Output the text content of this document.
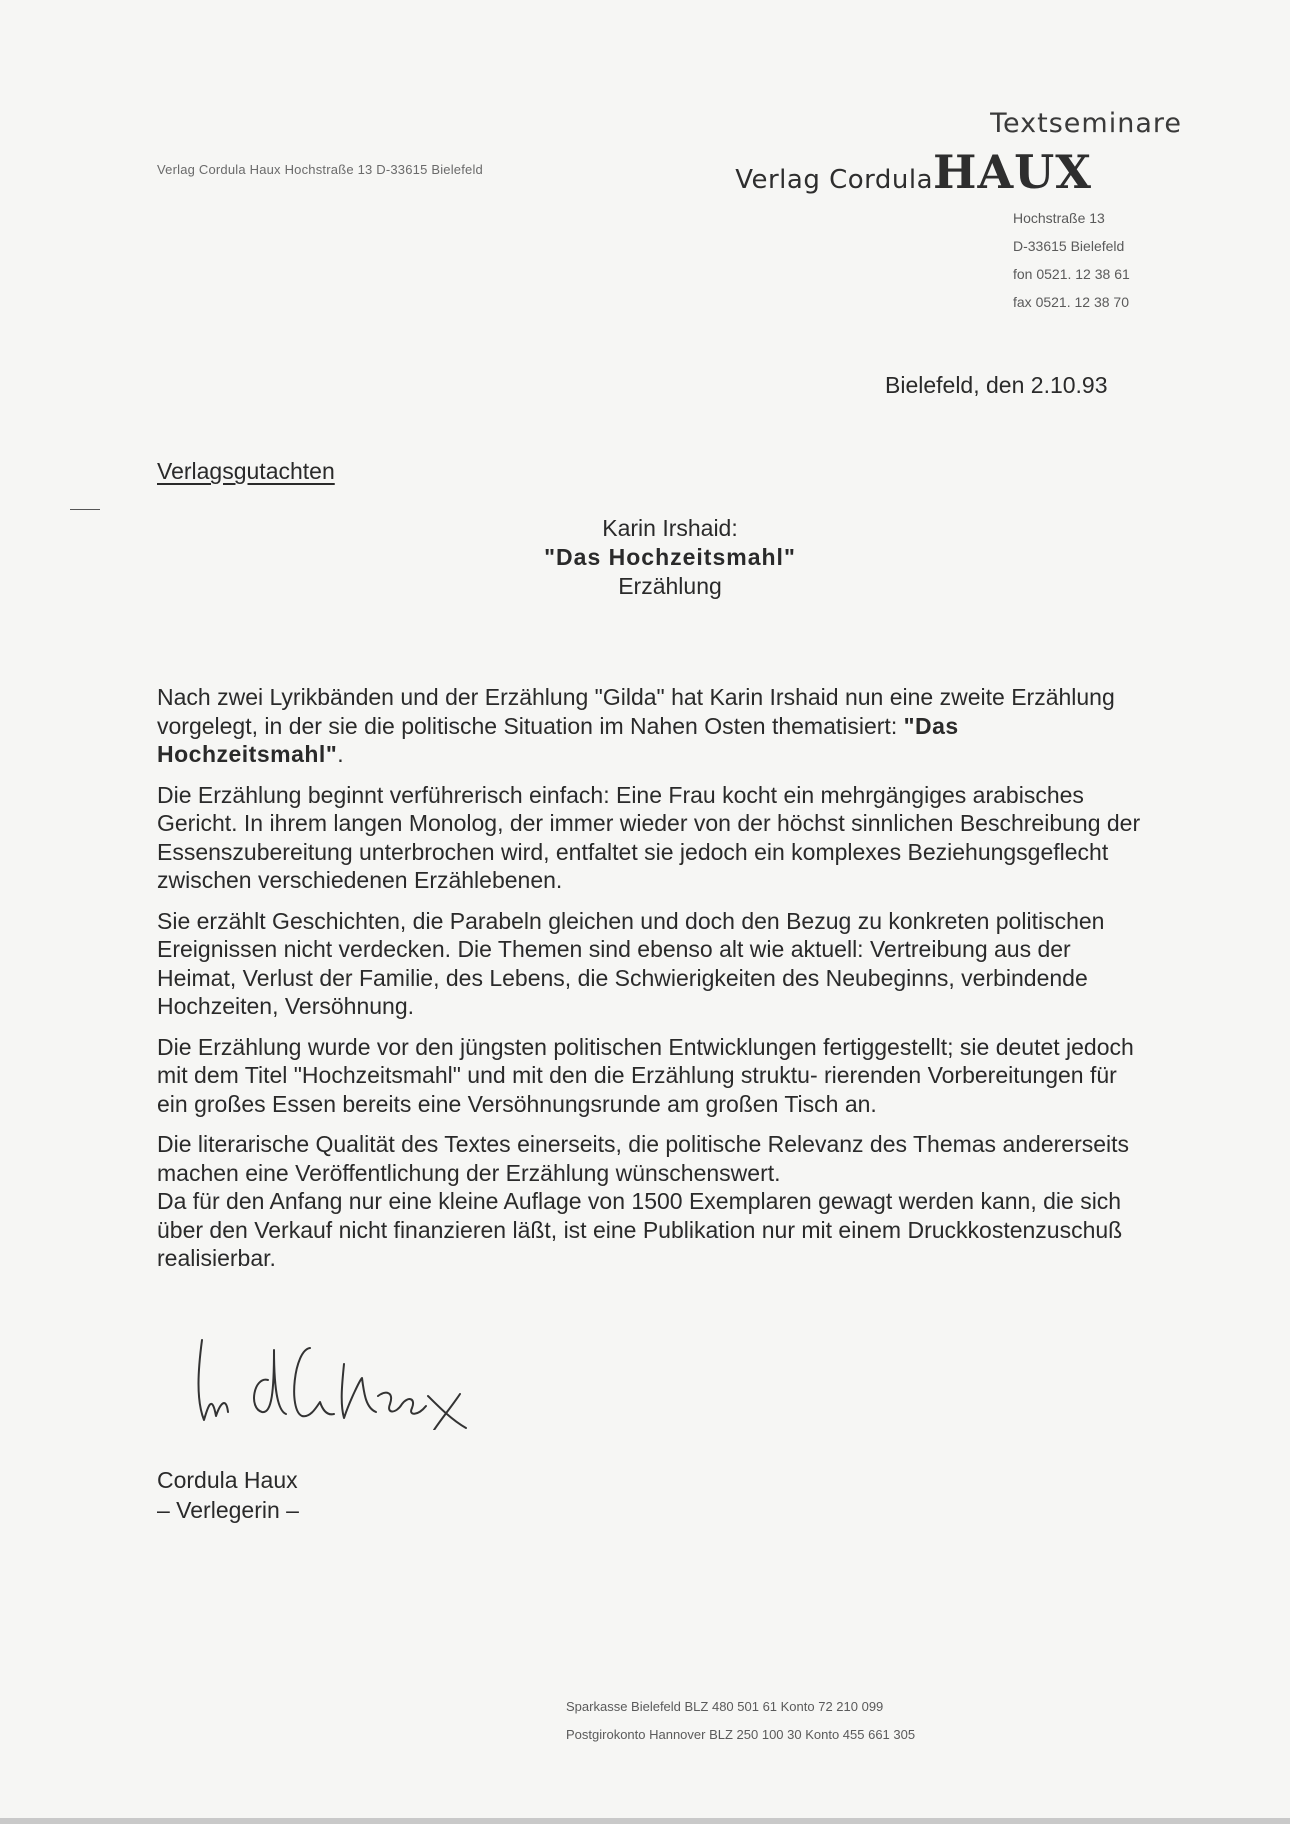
Verlag Cordula Haux Hochstraße 13 D-33615 Bielefeld
Textseminare
Verlag CordulaHAUX
Hochstraße 13
D-33615 Bielefeld
fon 0521. 12 38 61
fax 0521. 12 38 70
Bielefeld, den 2.10.93
Verlagsgutachten
Karin Irshaid:
"Das Hochzeitsmahl"
Erzählung

Nach zwei Lyrikbänden und der Erzählung "Gilda" hat Karin Irshaid nun eine zweite Erzählung vorgelegt, in der sie die politische Situation im Nahen Osten thematisiert: "Das Hochzeitsmahl".

Die Erzählung beginnt verführerisch einfach: Eine Frau kocht ein mehrgängiges arabisches Gericht. In ihrem langen Monolog, der immer wieder von der höchst sinnlichen Beschreibung der Essenszubereitung unterbrochen wird, entfaltet sie jedoch ein komplexes Beziehungsgeflecht zwischen verschiedenen Erzählebenen.

Sie erzählt Geschichten, die Parabeln gleichen und doch den Bezug zu konkreten politischen Ereignissen nicht verdecken. Die Themen sind ebenso alt wie aktuell: Vertreibung aus der Heimat, Verlust der Familie, des Lebens, die Schwierigkeiten des Neubeginns, verbindende Hochzeiten, Versöhnung.

Die Erzählung wurde vor den jüngsten politischen Entwicklungen fertiggestellt; sie deutet jedoch mit dem Titel "Hochzeitsmahl" und mit den die Erzählung struktu- rierenden Vorbereitungen für ein großes Essen bereits eine Versöhnungsrunde am großen Tisch an.

Die literarische Qualität des Textes einerseits, die politische Relevanz des Themas andererseits machen eine Veröffentlichung der Erzählung wünschenswert.

Da für den Anfang nur eine kleine Auflage von 1500 Exemplaren gewagt werden kann, die sich über den Verkauf nicht finanzieren läßt, ist eine Publikation nur mit einem Druckkostenzuschuß realisierbar.

Cordula Haux
– Verlegerin –
Sparkasse Bielefeld BLZ 480 501 61 Konto 72 210 099
Postgirokonto Hannover BLZ 250 100 30 Konto 455 661 305
